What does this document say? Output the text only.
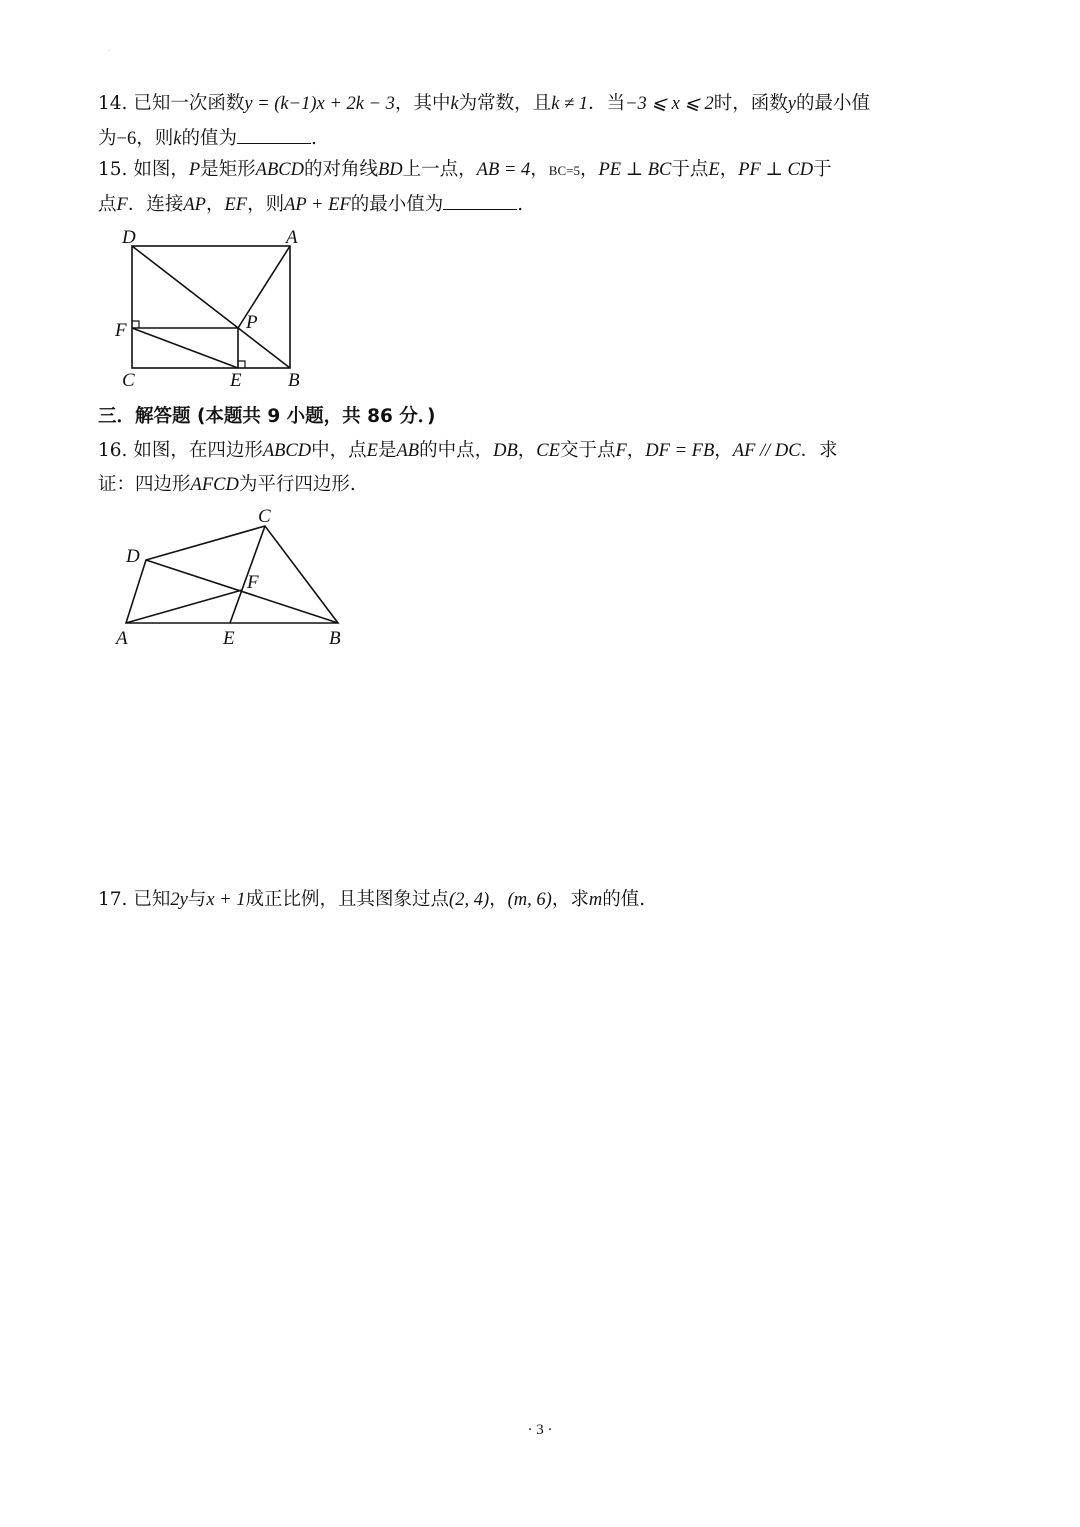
·
14. 已知一次函数y = (k−1)x + 2k − 3，其中k为常数，且k ≠ 1．当−3 ⩽ x ⩽ 2时，函数y的最小值
为−6，则k的值为	.
15. 如图，P是矩形ABCD的对角线BD上一点，AB = 4，BC=5，PE ⊥ BC于点E，PF ⊥ CD于
点F．连接AP，EF，则AP + EF的最小值为	.
D	A
F	P
C	E B
三．解答题 (本题共 9 小题，共 86 分．)
16. 如图，在四边形ABCD中，点E是AB的中点，DB，CE交于点F，DF = FB，AF // DC．求
证：四边形AFCD为平行四边形.
C
D
F
A	E	B
17. 已知2y与x + 1成正比例，且其图象过点(2, 4)，(m, 6)，求m的值.
· 3 ·
